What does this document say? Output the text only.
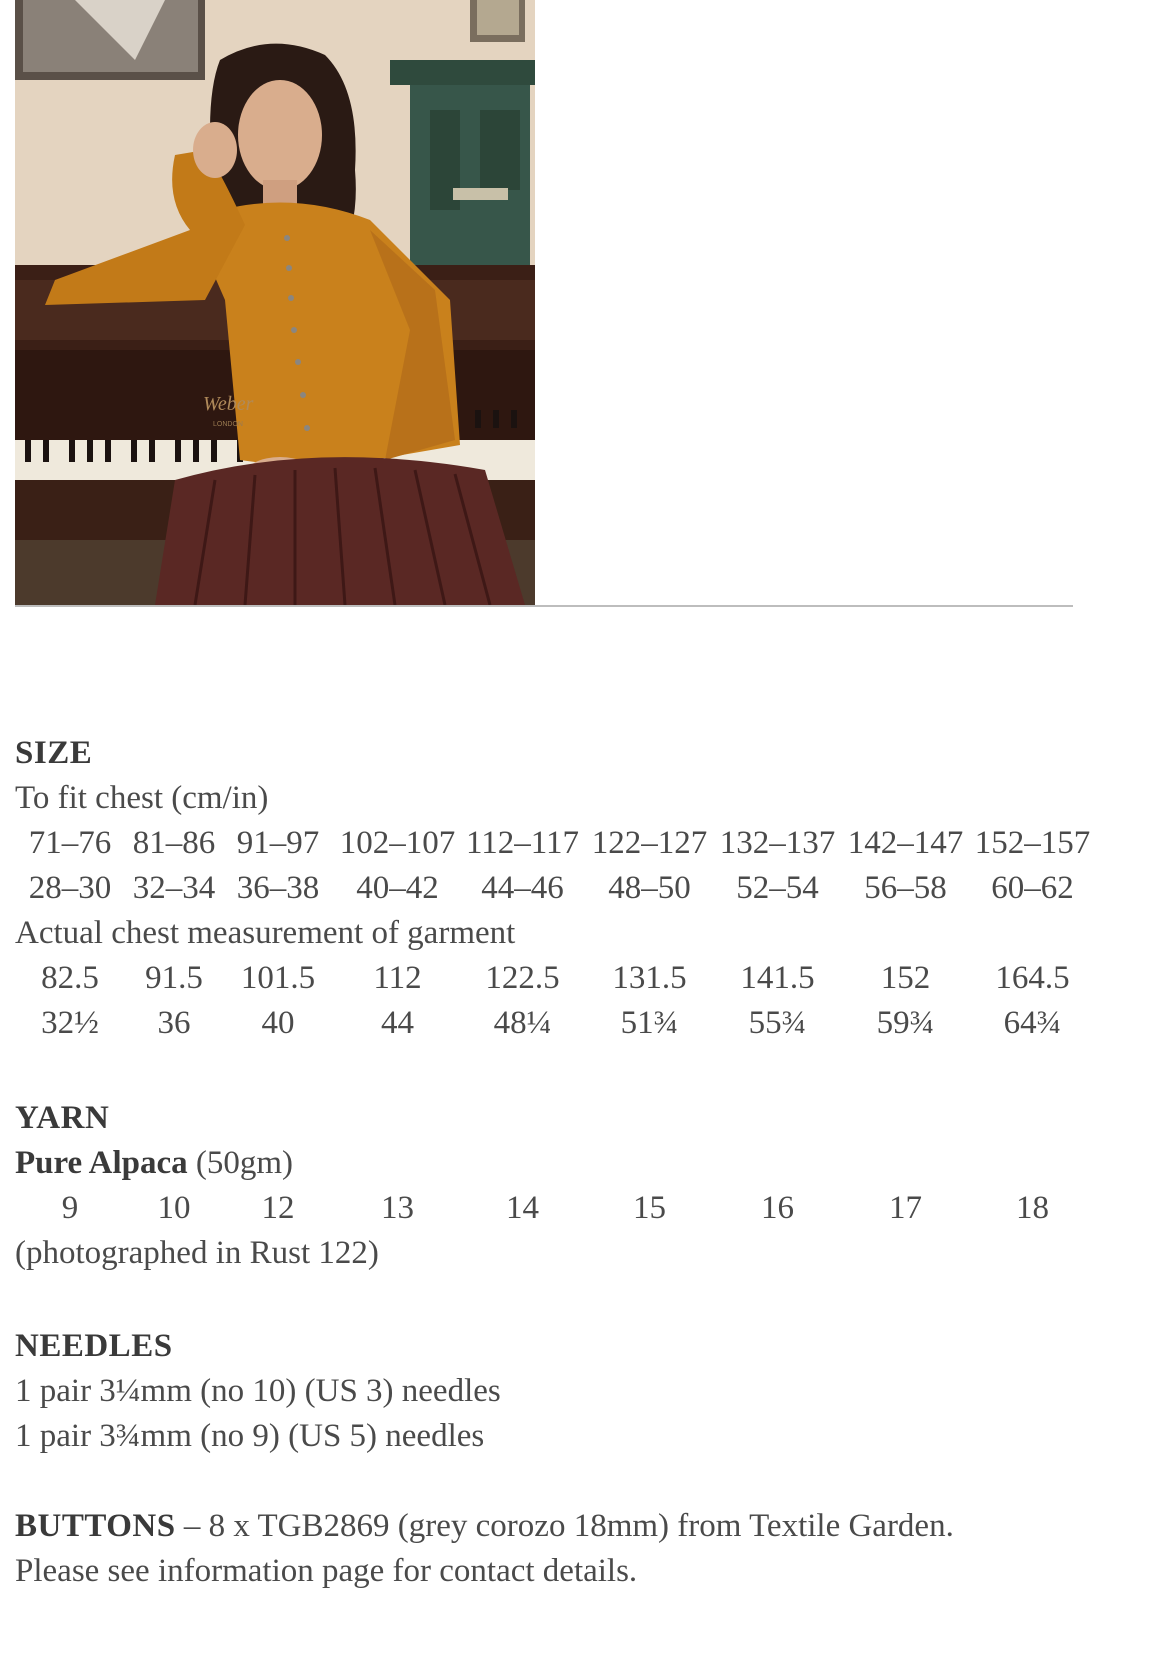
Weber
LONDON
SIZE
To fit chest (cm/in)
71–76 81–86 91–97 102–107 112–117 122–127 132–137 142–147 152–157
28–30 32–34 36–38	40–42	44–46	48–50	52–54	56–58	60–62
Actual chest measurement of garment
82.5	91.5	101.5	112	122.5	131.5	141.5	152	164.5
32½	36	40	44	48¼	51¾	55¾	59¾	64¾
YARN
Pure Alpaca (50gm)
9	10	12	13	14	15	16	17	18
(photographed in Rust 122)
NEEDLES
1 pair 3¼mm (no 10) (US 3) needles
1 pair 3¾mm (no 9) (US 5) needles
BUTTONS – 8 x TGB2869 (grey corozo 18mm) from Textile Garden.
Please see information page for contact details.
